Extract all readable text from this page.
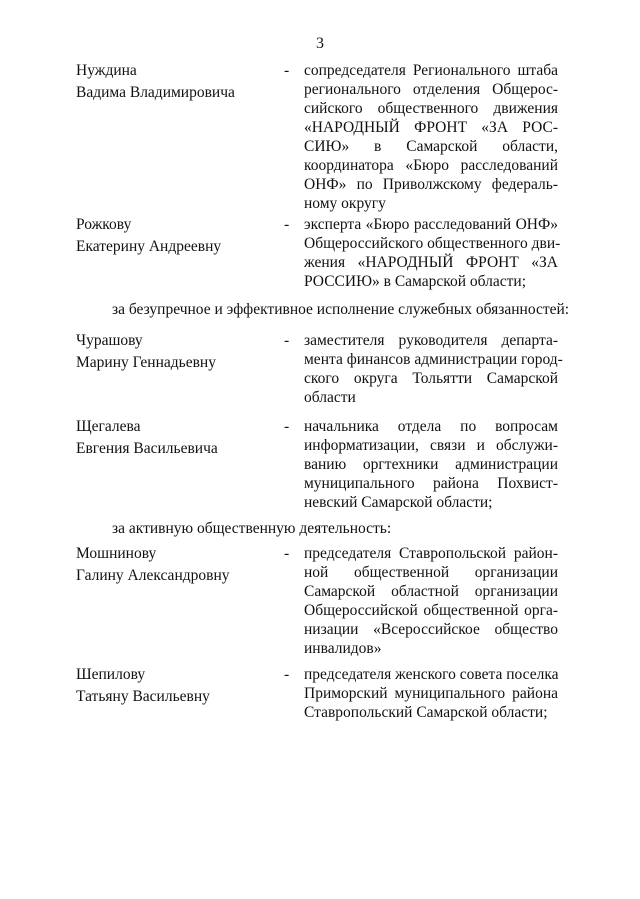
3
Нуждина
Вадима Владимировича
- сопредседателя Регионального штаба
регионального отделения Общерос-
сийского общественного движения
«НАРОДНЫЙ ФРОНТ «ЗА РОС-
СИЮ» в Самарской области,
координатора «Бюро расследований
ОНФ» по Приволжскому федераль-
ному округу
Рожкову
Екатерину Андреевну
- эксперта «Бюро расследований ОНФ»
Общероссийского общественного дви-
жения «НАРОДНЫЙ ФРОНТ «ЗА
РОССИЮ» в Самарской области;
за безупречное и эффективное исполнение служебных обязанностей:
Чурашову
Марину Геннадьевну
- заместителя руководителя департа-
мента финансов администрации город-
ского округа Тольятти Самарской
области
Щегалева
Евгения Васильевича
- начальника отдела по вопросам
информатизации, связи и обслужи-
ванию оргтехники администрации
муниципального района Похвист-
невский Самарской области;
за активную общественную деятельность:
Мошнинову
Галину Александровну
- председателя Ставропольской район-
ной общественной организации
Самарской областной организации
Общероссийской общественной орга-
низации «Всероссийское общество
инвалидов»
Шепилову
Татьяну Васильевну
- председателя женского совета поселка
Приморский муниципального района
Ставропольский Самарской области;
